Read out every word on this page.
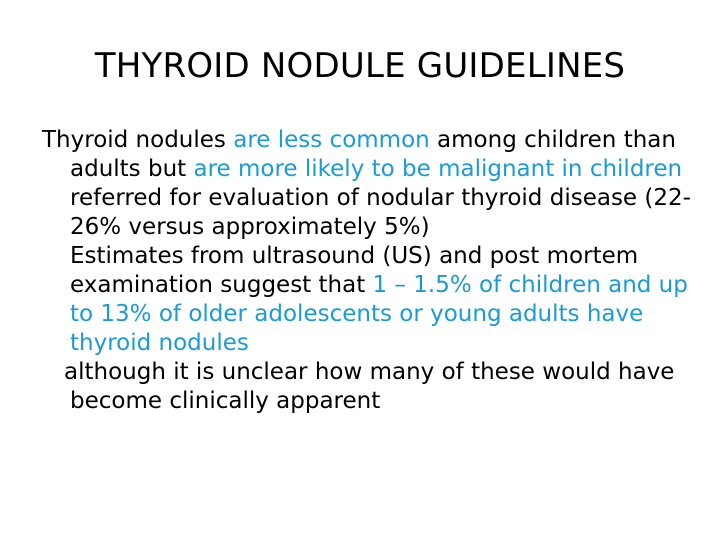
THYROID NODULE GUIDELINES

Thyroid nodules are less common among children than adults but are more likely to be malignant in children referred for evaluation of nodular thyroid disease (22-26% versus approximately 5%)

Estimates from ultrasound (US) and post mortem examination suggest that 1 – 1.5% of children and up to 13% of older adolescents or young adults have thyroid nodules

although it is unclear how many of these would have become clinically apparent
